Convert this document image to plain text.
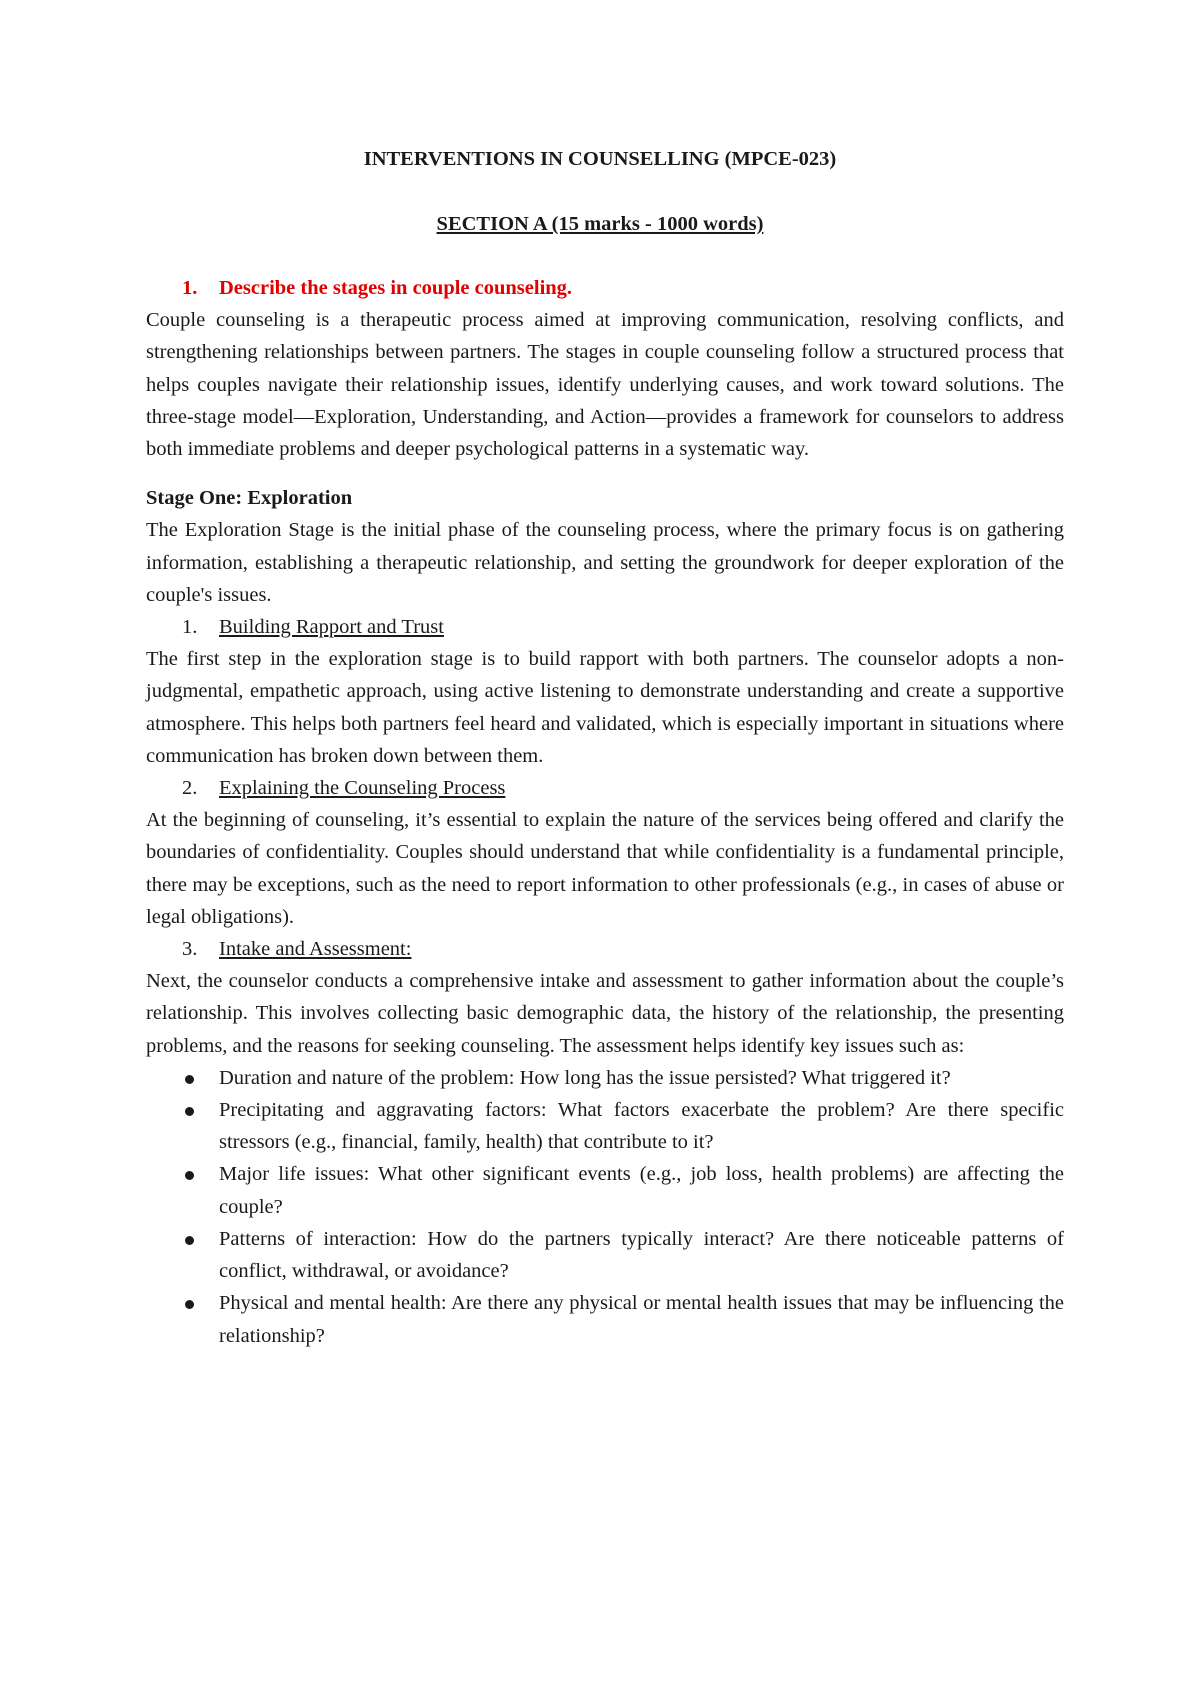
INTERVENTIONS IN COUNSELLING (MPCE-023)
SECTION A (15 marks - 1000 words)

1. Describe the stages in couple counseling.

Couple counseling is a therapeutic process aimed at improving communication, resolving conflicts, and strengthening relationships between partners. The stages in couple counseling follow a structured process that helps couples navigate their relationship issues, identify underlying causes, and work toward solutions. The three-stage model—Exploration, Understanding, and Action—provides a framework for counselors to address both immediate problems and deeper psychological patterns in a systematic way.

Stage One: Exploration

The Exploration Stage is the initial phase of the counseling process, where the primary focus is on gathering information, establishing a therapeutic relationship, and setting the groundwork for deeper exploration of the couple's issues.

1. Building Rapport and Trust

The first step in the exploration stage is to build rapport with both partners. The counselor adopts a non-judgmental, empathetic approach, using active listening to demonstrate understanding and create a supportive atmosphere. This helps both partners feel heard and validated, which is especially important in situations where communication has broken down between them.

2. Explaining the Counseling Process

At the beginning of counseling, it’s essential to explain the nature of the services being offered and clarify the boundaries of confidentiality. Couples should understand that while confidentiality is a fundamental principle, there may be exceptions, such as the need to report information to other professionals (e.g., in cases of abuse or legal obligations).

3. Intake and Assessment:

Next, the counselor conducts a comprehensive intake and assessment to gather information about the couple’s relationship. This involves collecting basic demographic data, the history of the relationship, the presenting problems, and the reasons for seeking counseling. The assessment helps identify key issues such as:

Duration and nature of the problem: How long has the issue persisted? What triggered it?
Precipitating and aggravating factors: What factors exacerbate the problem? Are there specific stressors (e.g., financial, family, health) that contribute to it?
Major life issues: What other significant events (e.g., job loss, health problems) are affecting the couple?
Patterns of interaction: How do the partners typically interact? Are there noticeable patterns of conflict, withdrawal, or avoidance?
Physical and mental health: Are there any physical or mental health issues that may be influencing the relationship?
